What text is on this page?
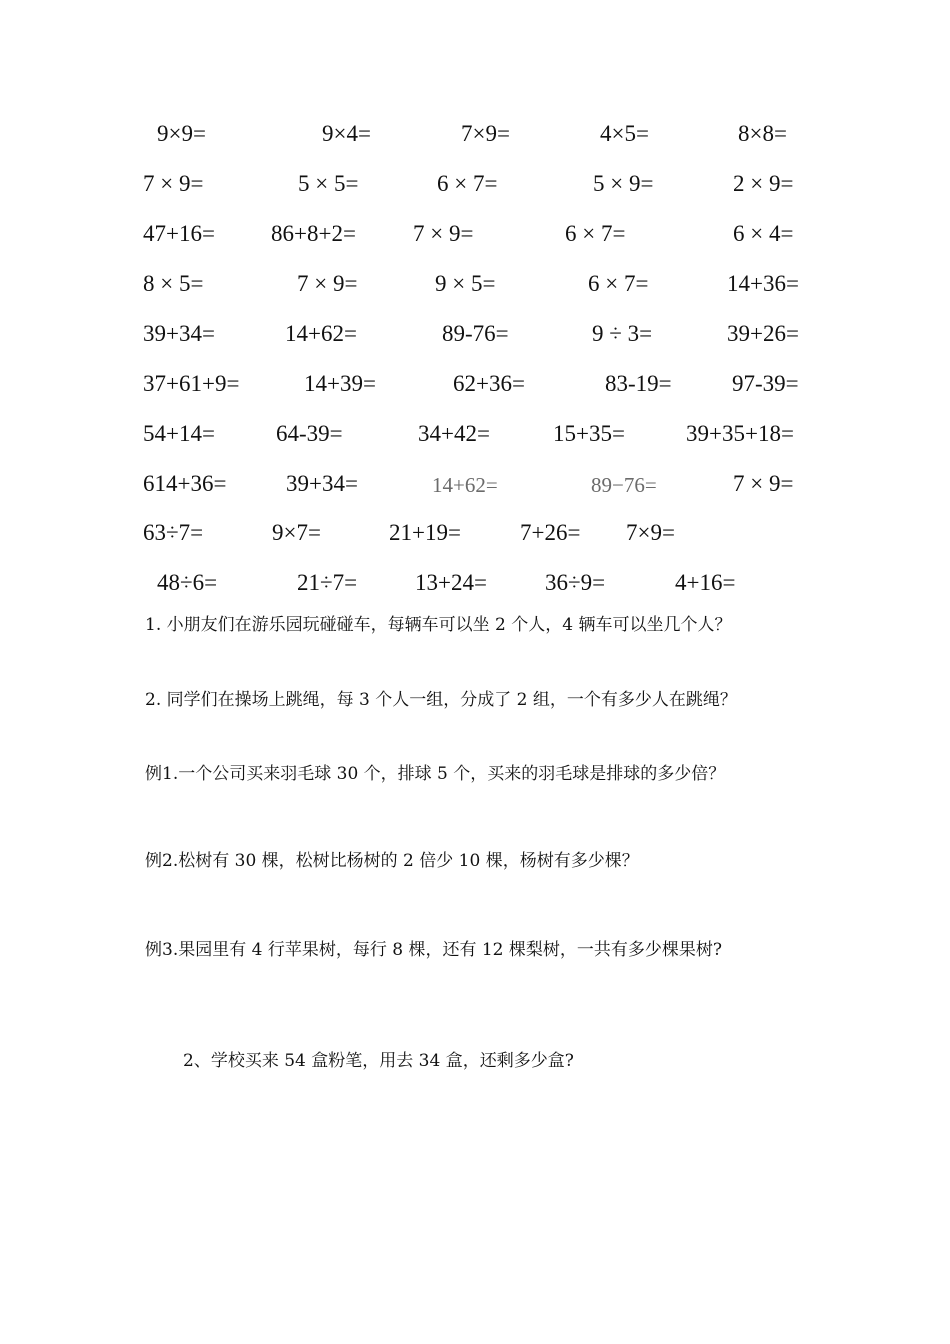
9×9=	9×4=	7×9=	4×5=	8×8=
7 × 9=	5 × 5=	6 × 7=	5 × 9=	2 × 9=
47+16= 86+8+2= 7 × 9=	6 × 7=	6 × 4=
8 × 5=	7 × 9=	9 × 5=	6 × 7=	14+36=
39+34=	14+62=	89-76=	9 ÷ 3=	39+26=
37+61+9=	14+39=	62+36=	83-19=	97-39=
54+14=	64-39=	34+42=	15+35=	39+35+18=
614+36=	39+34=	14+62=	89−76=	7 × 9=
63÷7=	9×7=	21+19=	7+26= 7×9=
48÷6=	21÷7=	13+24=	36÷9=	4+16=
1. 小朋友们在游乐园玩碰碰车，每辆车可以坐 2 个人，4 辆车可以坐几个人？
2. 同学们在操场上跳绳，每 3 个人一组，分成了 2 组，一个有多少人在跳绳？
例1.一个公司买来羽毛球 30 个，排球 5 个，买来的羽毛球是排球的多少倍？
例2.松树有 30 棵，松树比杨树的 2 倍少 10 棵，杨树有多少棵？
例3.果园里有 4 行苹果树，每行 8 棵，还有 12 棵梨树，一共有多少棵果树?
2、学校买来 54 盒粉笔，用去 34 盒，还剩多少盒?
